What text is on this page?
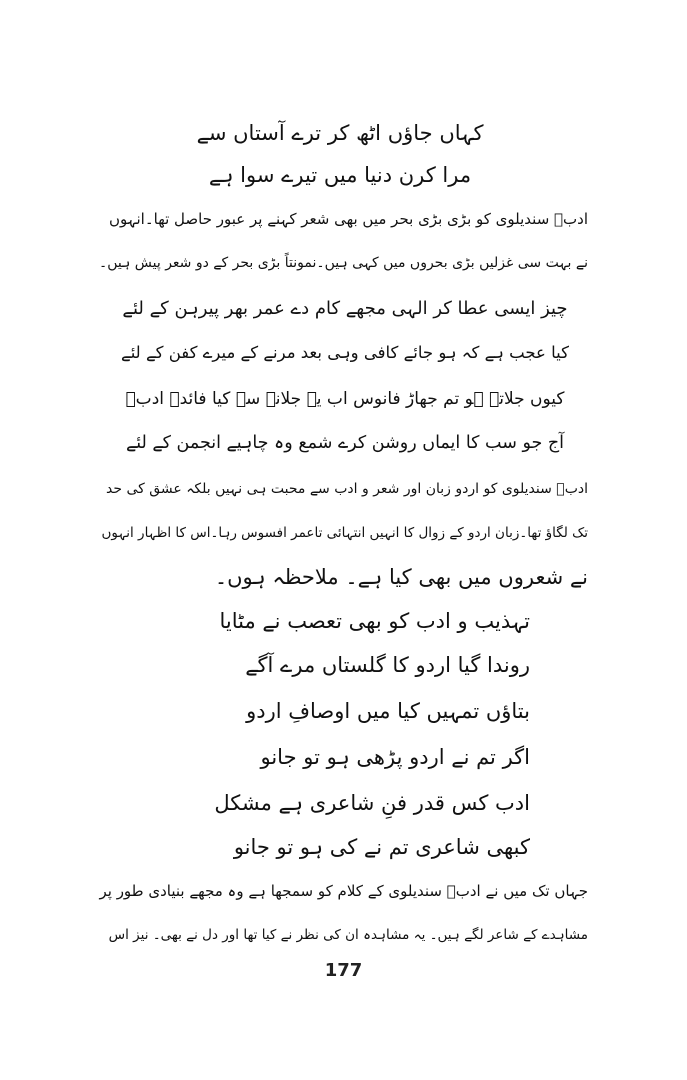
کہاں جاؤں اٹھ کر ترے آستاں سے
مرا کرن دنیا میں تیرے سوا ہے
ادبؔ سندیلوی کو بڑی بڑی بحر میں بھی شعر کہنے پر عبور حاصل تھا۔انہوں
نے بہت سی غزلیں بڑی بحروں میں کہی ہیں۔نمونتاً بڑی بحر کے دو شعر پیش ہیں۔
چیز ایسی عطا کر الہی مجھے کام دے عمر بھر پیرہن کے لئے
کیا عجب ہے کہ ہو جائے کافی وہی بعد مرنے کے میرے کفن کے لئے
کیوں جلاتے ہو تم جھاڑ فانوس اب یہ جلانے سے کیا فائدے ادبؔ
آج جو سب کا ایماں روشن کرے شمع وہ چاہیے انجمن کے لئے
ادبؔ سندیلوی کو اردو زبان اور شعر و ادب سے محبت ہی نہیں بلکہ عشق کی حد
تک لگاؤ تھا۔زبان اردو کے زوال کا انہیں انتہائی تاعمر افسوس رہا۔اس کا اظہار انہوں
نے شعروں میں بھی کیا ہے۔ ملاحظہ ہوں۔
تہذیب و ادب کو بھی تعصب نے مٹایا
روندا گیا اردو کا گلستاں مرے آگے
بتاؤں تمہیں کیا میں اوصافِ اردو
اگر تم نے اردو پڑھی ہو تو جانو
ادب کس قدر فنِ شاعری ہے مشکل
کبھی شاعری تم نے کی ہو تو جانو
جہاں تک میں نے ادبؔ سندیلوی کے کلام کو سمجھا ہے وہ مجھے بنیادی طور پر
مشاہدے کے شاعر لگے ہیں۔ یہ مشاہدہ ان کی نظر نے کیا تھا اور دل نے بھی۔ نیز اس
177
